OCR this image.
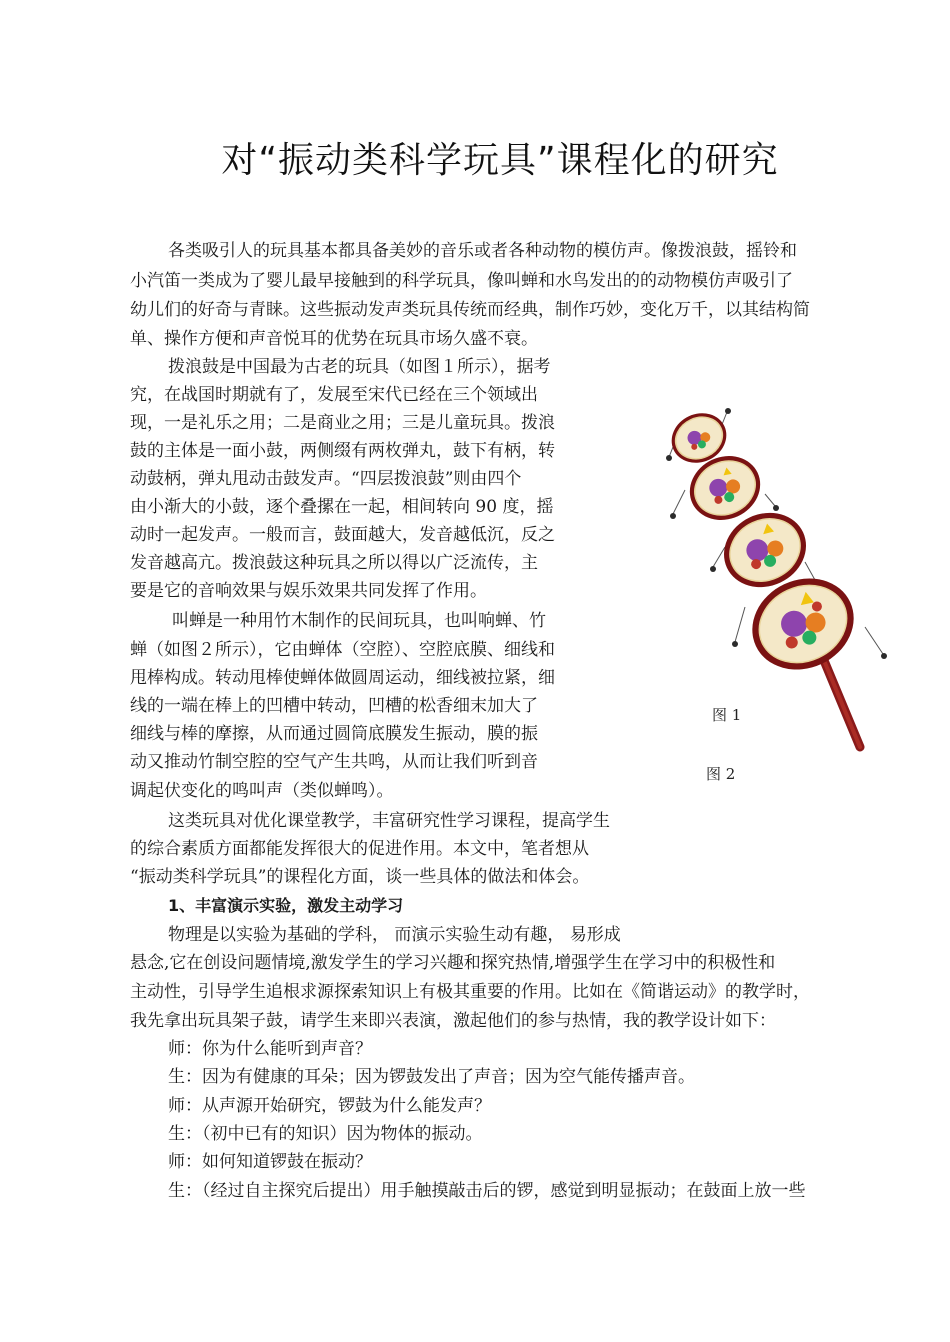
对“振动类科学玩具”课程化的研究
各类吸引人的玩具基本都具备美妙的音乐或者各种动物的模仿声。像拨浪鼓，摇铃和
小汽笛一类成为了婴儿最早接触到的科学玩具，像叫蝉和水鸟发出的的动物模仿声吸引了
幼儿们的好奇与青睐。这些振动发声类玩具传统而经典，制作巧妙，变化万千，以其结构简
单、操作方便和声音悦耳的优势在玩具市场久盛不衰。
拨浪鼓是中国最为古老的玩具（如图１所示），据考
究，在战国时期就有了，发展至宋代已经在三个领域出
现，一是礼乐之用；二是商业之用；三是儿童玩具。拨浪
鼓的主体是一面小鼓，两侧缀有两枚弹丸，鼓下有柄，转
动鼓柄，弹丸甩动击鼓发声。“四层拨浪鼓”则由四个
由小渐大的小鼓，逐个叠摞在一起，相间转向 90 度，摇
动时一起发声。一般而言，鼓面越大，发音越低沉，反之
发音越高亢。拨浪鼓这种玩具之所以得以广泛流传，主
要是它的音响效果与娱乐效果共同发挥了作用。
叫蝉是一种用竹木制作的民间玩具，也叫响蝉、竹
蝉（如图２所示），它由蝉体（空腔）、空腔底膜、细线和
甩棒构成。转动甩棒使蝉体做圆周运动，细线被拉紧，细
线的一端在棒上的凹槽中转动，凹槽的松香细末加大了
细线与棒的摩擦，从而通过圆筒底膜发生振动，膜的振
动又推动竹制空腔的空气产生共鸣，从而让我们听到音
调起伏变化的鸣叫声（类似蝉鸣）。
这类玩具对优化课堂教学，丰富研究性学习课程，提高学生
的综合素质方面都能发挥很大的促进作用。本文中，笔者想从
“振动类科学玩具”的课程化方面，谈一些具体的做法和体会。
1、丰富演示实验，激发主动学习
物理是以实验为基础的学科， 而演示实验生动有趣， 易形成
悬念,它在创设问题情境,激发学生的学习兴趣和探究热情,增强学生在学习中的积极性和
主动性，引导学生追根求源探索知识上有极其重要的作用。比如在《简谐运动》的教学时，
我先拿出玩具架子鼓，请学生来即兴表演，激起他们的参与热情，我的教学设计如下：
师：你为什么能听到声音？
生：因为有健康的耳朵；因为锣鼓发出了声音；因为空气能传播声音。
师：从声源开始研究，锣鼓为什么能发声？
生：（初中已有的知识）因为物体的振动。
师：如何知道锣鼓在振动？
生：（经过自主探究后提出）用手触摸敲击后的锣，感觉到明显振动；在鼓面上放一些
图 1
图 2
